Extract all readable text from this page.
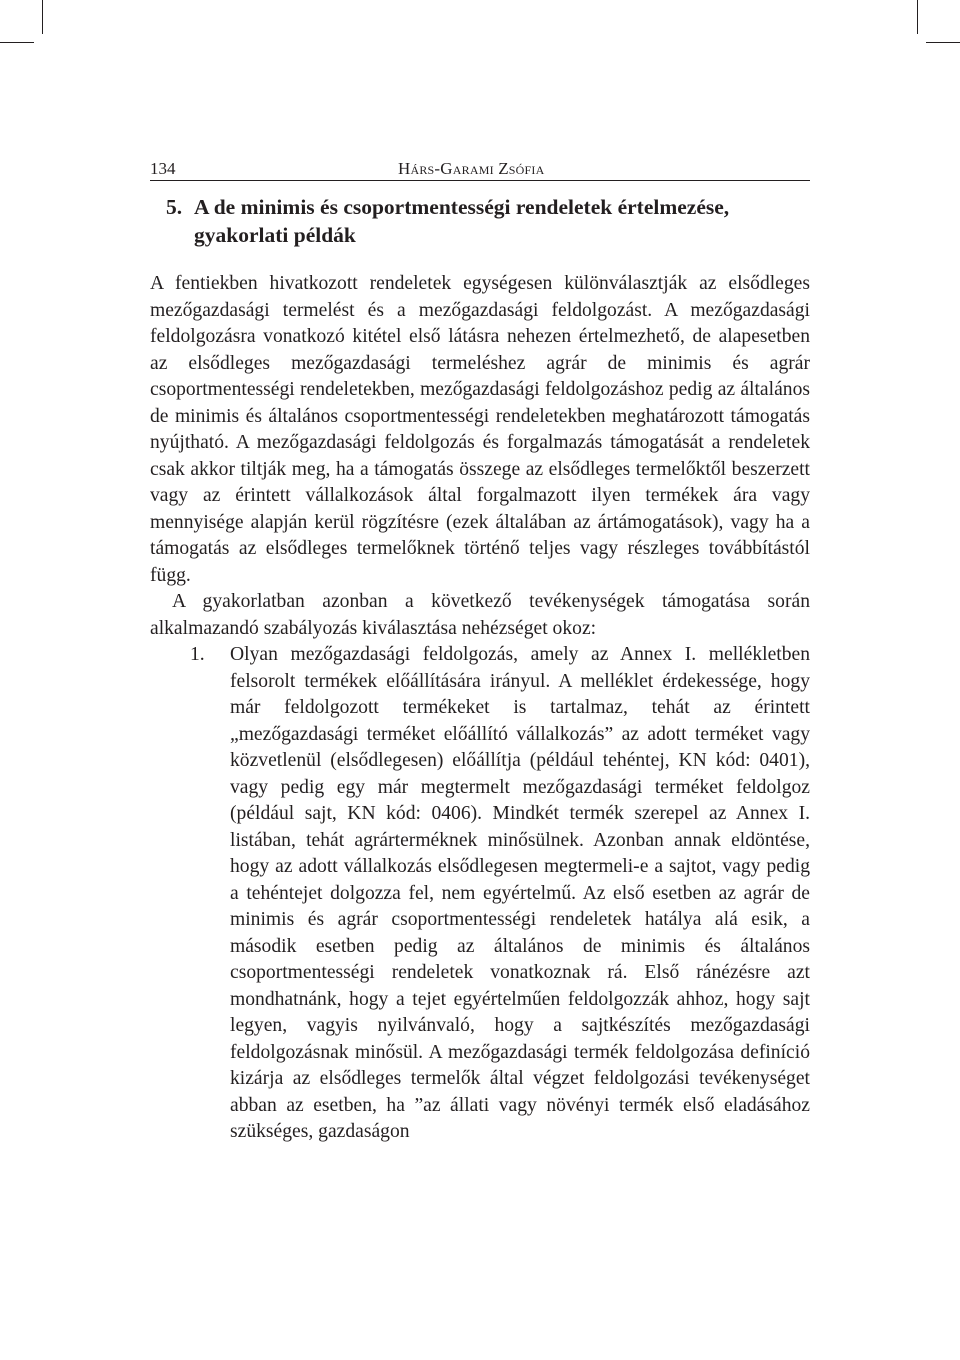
134	Hárs-Garami Zsófia
5. A de minimis és csoportmentességi rendeletek értelmezése, gyakorlati példák

A fentiekben hivatkozott rendeletek egységesen különválasztják az elsődleges mezőgazdasági termelést és a mezőgazdasági feldolgozást. A mezőgazdasági feldolgozásra vonatkozó kitétel első látásra nehezen értelmezhető, de alapesetben az elsődleges mezőgazdasági termeléshez agrár de minimis és agrár csoportmentességi rendeletekben, mezőgazdasági feldolgozáshoz pedig az általános de minimis és általános csoportmentességi rendeletekben meghatározott támogatás nyújtható. A mezőgazdasági feldolgozás és forgalmazás támogatását a rendeletek csak akkor tiltják meg, ha a támogatás összege az elsődleges termelőktől beszerzett vagy az érintett vállalkozások által forgalmazott ilyen termékek ára vagy mennyisége alapján kerül rögzítésre (ezek általában az ártámogatások), vagy ha a támogatás az elsődleges termelőknek történő teljes vagy részleges továbbítástól függ.

A gyakorlatban azonban a következő tevékenységek támogatása során alkalmazandó szabályozás kiválasztása nehézséget okoz:

1. Olyan mezőgazdasági feldolgozás, amely az Annex I. mellékletben felsorolt termékek előállítására irányul. A melléklet érdekessége, hogy már feldolgozott termékeket is tartalmaz, tehát az érintett „mezőgazdasági terméket előállító vállalkozás” az adott terméket vagy közvetlenül (elsődlegesen) előállítja (például tehéntej, KN kód: 0401), vagy pedig egy már megtermelt mezőgazdasági terméket feldolgoz (például sajt, KN kód: 0406). Mindkét termék szerepel az Annex I. listában, tehát agrárterméknek minősülnek. Azonban annak eldöntése, hogy az adott vállalkozás elsődlegesen megtermeli-e a sajtot, vagy pedig a tehéntejet dolgozza fel, nem egyértelmű. Az első esetben az agrár de minimis és agrár csoportmentességi rendeletek hatálya alá esik, a második esetben pedig az általános de minimis és általános csoportmentességi rendeletek vonatkoznak rá. Első ránézésre azt mondhatnánk, hogy a tejet egyértelműen feldolgozzák ahhoz, hogy sajt legyen, vagyis nyilvánvaló, hogy a sajtkészítés mezőgazdasági feldolgozásnak minősül. A mezőgazdasági termék feldolgozása definíció kizárja az elsődleges termelők által végzet feldolgozási tevékenységet abban az esetben, ha ”az állati vagy növényi termék első eladásához szükséges, gazdaságon
